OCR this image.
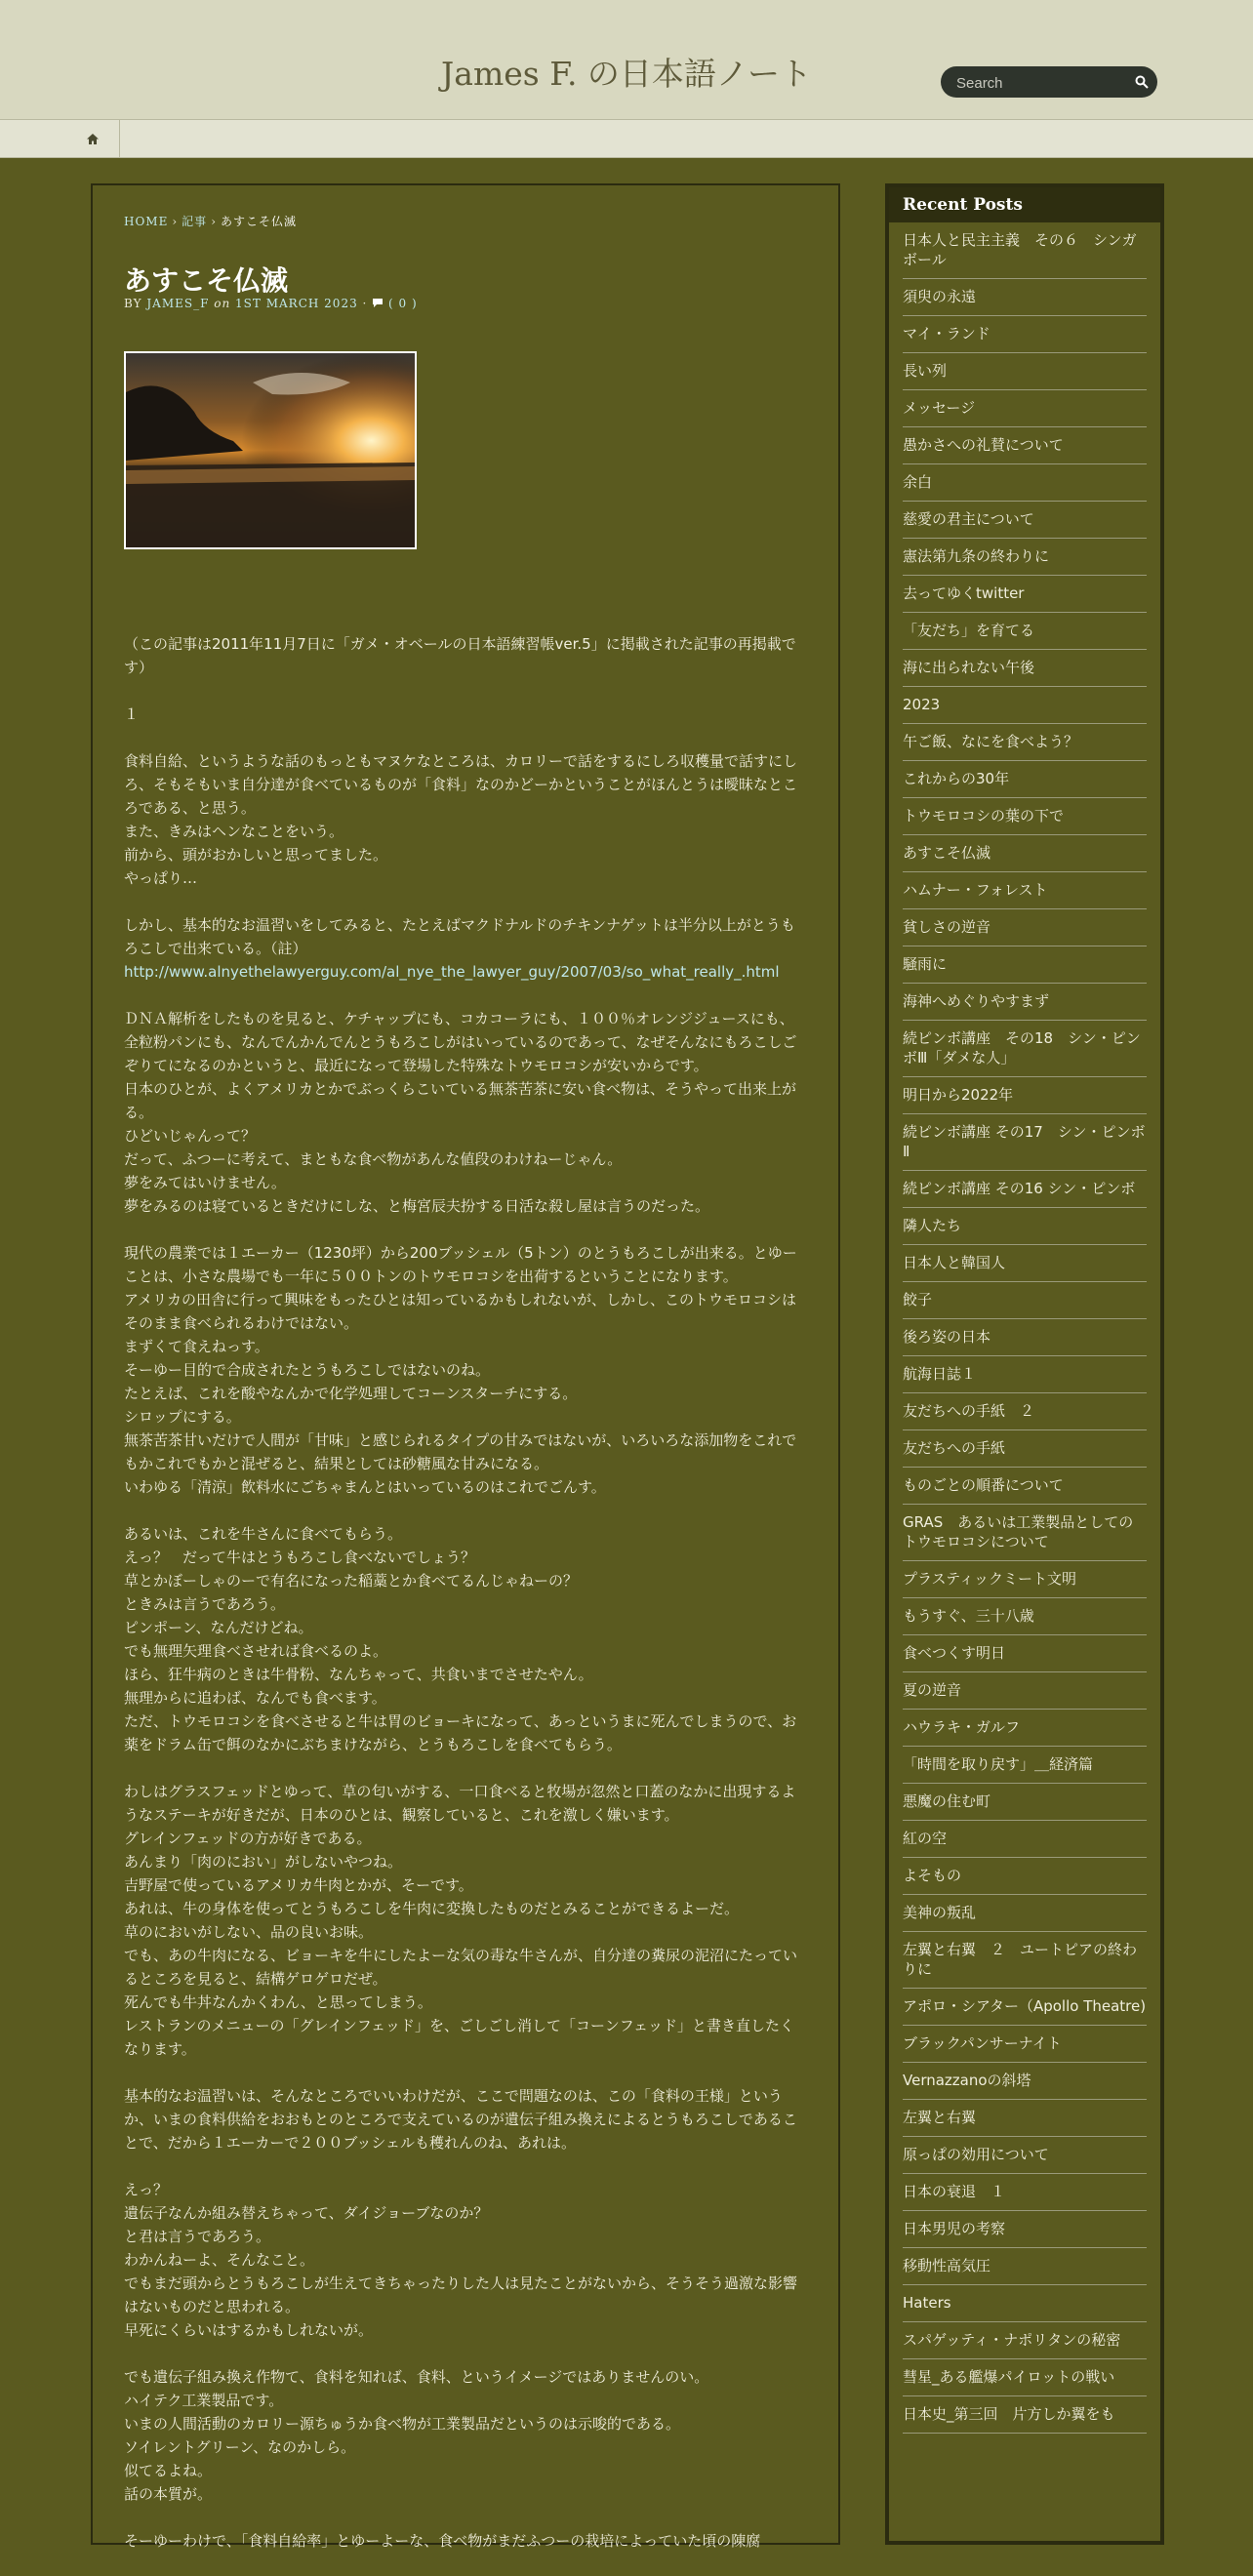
James F. の日本語ノート
Search
HOME › 記事 › あすこそ仏滅
あすこそ仏滅
BY JAMES_F on 1ST MARCH 2023 · ( 0 )

（この記事は2011年11月7日に「ガメ・オベールの日本語練習帳ver.5」に掲載された記事の再掲載です）

１

食料自給、というような話のもっともマヌケなところは、カロリーで話をするにしろ収穫量で話すにしろ、そもそもいま自分達が食べているものが「食料」なのかどーかということがほんとうは曖昧なところである、と思う。
また、きみはヘンなことをいう。
前から、頭がおかしいと思ってました。
やっぱり…

しかし、基本的なお温習いをしてみると、たとえばマクドナルドのチキンナゲットは半分以上がとうもろこしで出来ている。（註）
http://www.alnyethelawyerguy.com/al_nye_the_lawyer_guy/2007/03/so_what_really_.html

ＤＮＡ解析をしたものを見ると、ケチャップにも、コカコーラにも、１００％オレンジジュースにも、全粒粉パンにも、なんでんかんでんとうもろこしがはいっているのであって、なぜそんなにもろこしごぞりてになるのかというと、最近になって登場した特殊なトウモロコシが安いからです。
日本のひとが、よくアメリカとかでぶっくらこいている無茶苦茶に安い食べ物は、そうやって出来上がる。
ひどいじゃんって？
だって、ふつーに考えて、まともな食べ物があんな値段のわけねーじゃん。
夢をみてはいけません。
夢をみるのは寝ているときだけにしな、と梅宮辰夫扮する日活な殺し屋は言うのだった。

現代の農業では１エーカー（1230坪）から200ブッシェル（5トン）のとうもろこしが出来る。とゆーことは、小さな農場でも一年に５００トンのトウモロコシを出荷するということになります。
アメリカの田舎に行って興味をもったひとは知っているかもしれないが、しかし、このトウモロコシはそのまま食べられるわけではない。
まずくて食えねっす。
そーゆー目的で合成されたとうもろこしではないのね。
たとえば、これを酸やなんかで化学処理してコーンスターチにする。
シロップにする。
無茶苦茶甘いだけで人間が「甘味」と感じられるタイプの甘みではないが、いろいろな添加物をこれでもかこれでもかと混ぜると、結果としては砂糖風な甘みになる。
いわゆる「清涼」飲料水にごちゃまんとはいっているのはこれでごんす。

あるいは、これを牛さんに食べてもらう。
えっ？　だって牛はとうもろこし食べないでしょう？
草とかぼーしゃのーで有名になった稲藁とか食べてるんじゃねーの？
ときみは言うであろう。
ピンポーン、なんだけどね。
でも無理矢理食べさせれば食べるのよ。
ほら、狂牛病のときは牛骨粉、なんちゃって、共食いまでさせたやん。
無理からに追わば、なんでも食べます。
ただ、トウモロコシを食べさせると牛は胃のビョーキになって、あっというまに死んでしまうので、お薬をドラム缶で餌のなかにぶちまけながら、とうもろこしを食べてもらう。

わしはグラスフェッドとゆって、草の匂いがする、一口食べると牧場が忽然と口蓋のなかに出現するようなステーキが好きだが、日本のひとは、観察していると、これを激しく嫌います。
グレインフェッドの方が好きである。
あんまり「肉のにおい」がしないやつね。
吉野屋で使っているアメリカ牛肉とかが、そーです。
あれは、牛の身体を使ってとうもろこしを牛肉に変換したものだとみることができるよーだ。
草のにおいがしない、品の良いお味。
でも、あの牛肉になる、ビョーキを牛にしたよーな気の毒な牛さんが、自分達の糞尿の泥沼にたっているところを見ると、結構ゲロゲロだぜ。
死んでも牛丼なんかくわん、と思ってしまう。
レストランのメニューの「グレインフェッド」を、ごしごし消して「コーンフェッド」と書き直したくなります。

基本的なお温習いは、そんなところでいいわけだが、ここで問題なのは、この「食料の王様」というか、いまの食料供給をおおもとのところで支えているのが遺伝子組み換えによるとうもろこしであることで、だから１エーカーで２００ブッシェルも穫れんのね、あれは。

えっ？
遺伝子なんか組み替えちゃって、ダイジョーブなのか？
と君は言うであろう。
わかんねーよ、そんなこと。
でもまだ頭からとうもろこしが生えてきちゃったりした人は見たことがないから、そうそう過激な影響はないものだと思われる。
早死にくらいはするかもしれないが。

でも遺伝子組み換え作物て、食料を知れば、食料、というイメージではありませんのい。
ハイテク工業製品です。
いまの人間活動のカロリー源ちゅうか食べ物が工業製品だというのは示唆的である。
ソイレントグリーン、なのかしら。
似てるよね。
話の本質が。

そーゆーわけで、「食料自給率」とゆーよーな、食べ物がまだふつーの栽培によっていた頃の陳腐

Recent Posts
日本人と民主主義　その６　シンガボール
須臾の永遠
マイ・ランド
長い列
メッセージ
愚かさへの礼賛について
余白
慈愛の君主について
憲法第九条の終わりに
去ってゆくtwitter
「友だち」を育てる
海に出られない午後
2023
午ご飯、なにを食べよう？
これからの30年
トウモロコシの葉の下で
あすこそ仏滅
ハムナー・フォレスト
貧しさの逆音
騒雨に
海神へめぐりやすまず
続ピンボ講座　その18　シン・ピンボⅢ「ダメな人」
明日から2022年
続ピンボ講座 その17　シン・ピンボⅡ
続ピンボ講座 その16 シン・ピンボ
隣人たち
日本人と韓国人
餃子
後ろ姿の日本
航海日誌１
友だちへの手紙　２
友だちへの手紙
ものごとの順番について
GRAS　あるいは工業製品としてのトウモロコシについて
プラスティックミート文明
もうすぐ、三十八歳
食べつくす明日
夏の逆音
ハウラキ・ガルフ
「時間を取り戻す」＿経済篇
悪魔の住む町
紅の空
よそもの
美神の叛乱
左翼と右翼　２　ユートピアの終わりに
アポロ・シアター（Apollo Theatre)
ブラックパンサーナイト
Vernazzanoの斜塔
左翼と右翼
原っぱの効用について
日本の衰退　１
日本男児の考察
移動性高気圧
Haters
スパゲッティ・ナポリタンの秘密
彗星_ある艦爆パイロットの戦い
日本史_第三回　片方しか翼をも
